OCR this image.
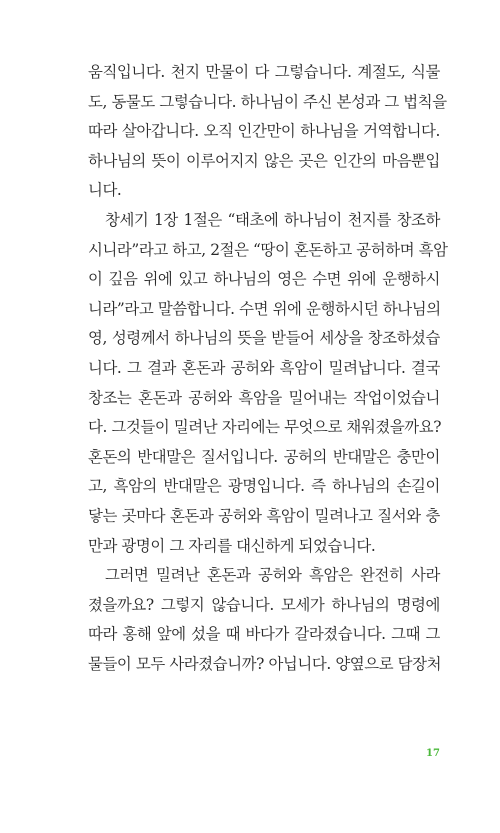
움직입니다. 천지 만물이 다 그렇습니다. 계절도, 식물
도, 동물도 그렇습니다. 하나님이 주신 본성과 그 법칙을
따라 살아갑니다. 오직 인간만이 하나님을 거역합니다.
하나님의 뜻이 이루어지지 않은 곳은 인간의 마음뿐입
니다.
창세기 1장 1절은 “태초에 하나님이 천지를 창조하
시니라”라고 하고, 2절은 “땅이 혼돈하고 공허하며 흑암
이 깊음 위에 있고 하나님의 영은 수면 위에 운행하시
니라”라고 말씀합니다. 수면 위에 운행하시던 하나님의
영, 성령께서 하나님의 뜻을 받들어 세상을 창조하셨습
니다. 그 결과 혼돈과 공허와 흑암이 밀려납니다. 결국
창조는 혼돈과 공허와 흑암을 밀어내는 작업이었습니
다. 그것들이 밀려난 자리에는 무엇으로 채워졌을까요?
혼돈의 반대말은 질서입니다. 공허의 반대말은 충만이
고, 흑암의 반대말은 광명입니다. 즉 하나님의 손길이
닿는 곳마다 혼돈과 공허와 흑암이 밀려나고 질서와 충
만과 광명이 그 자리를 대신하게 되었습니다.
그러면 밀려난 혼돈과 공허와 흑암은 완전히 사라
졌을까요? 그렇지 않습니다. 모세가 하나님의 명령에
따라 홍해 앞에 섰을 때 바다가 갈라졌습니다. 그때 그
물들이 모두 사라졌습니까? 아닙니다. 양옆으로 담장처
17
